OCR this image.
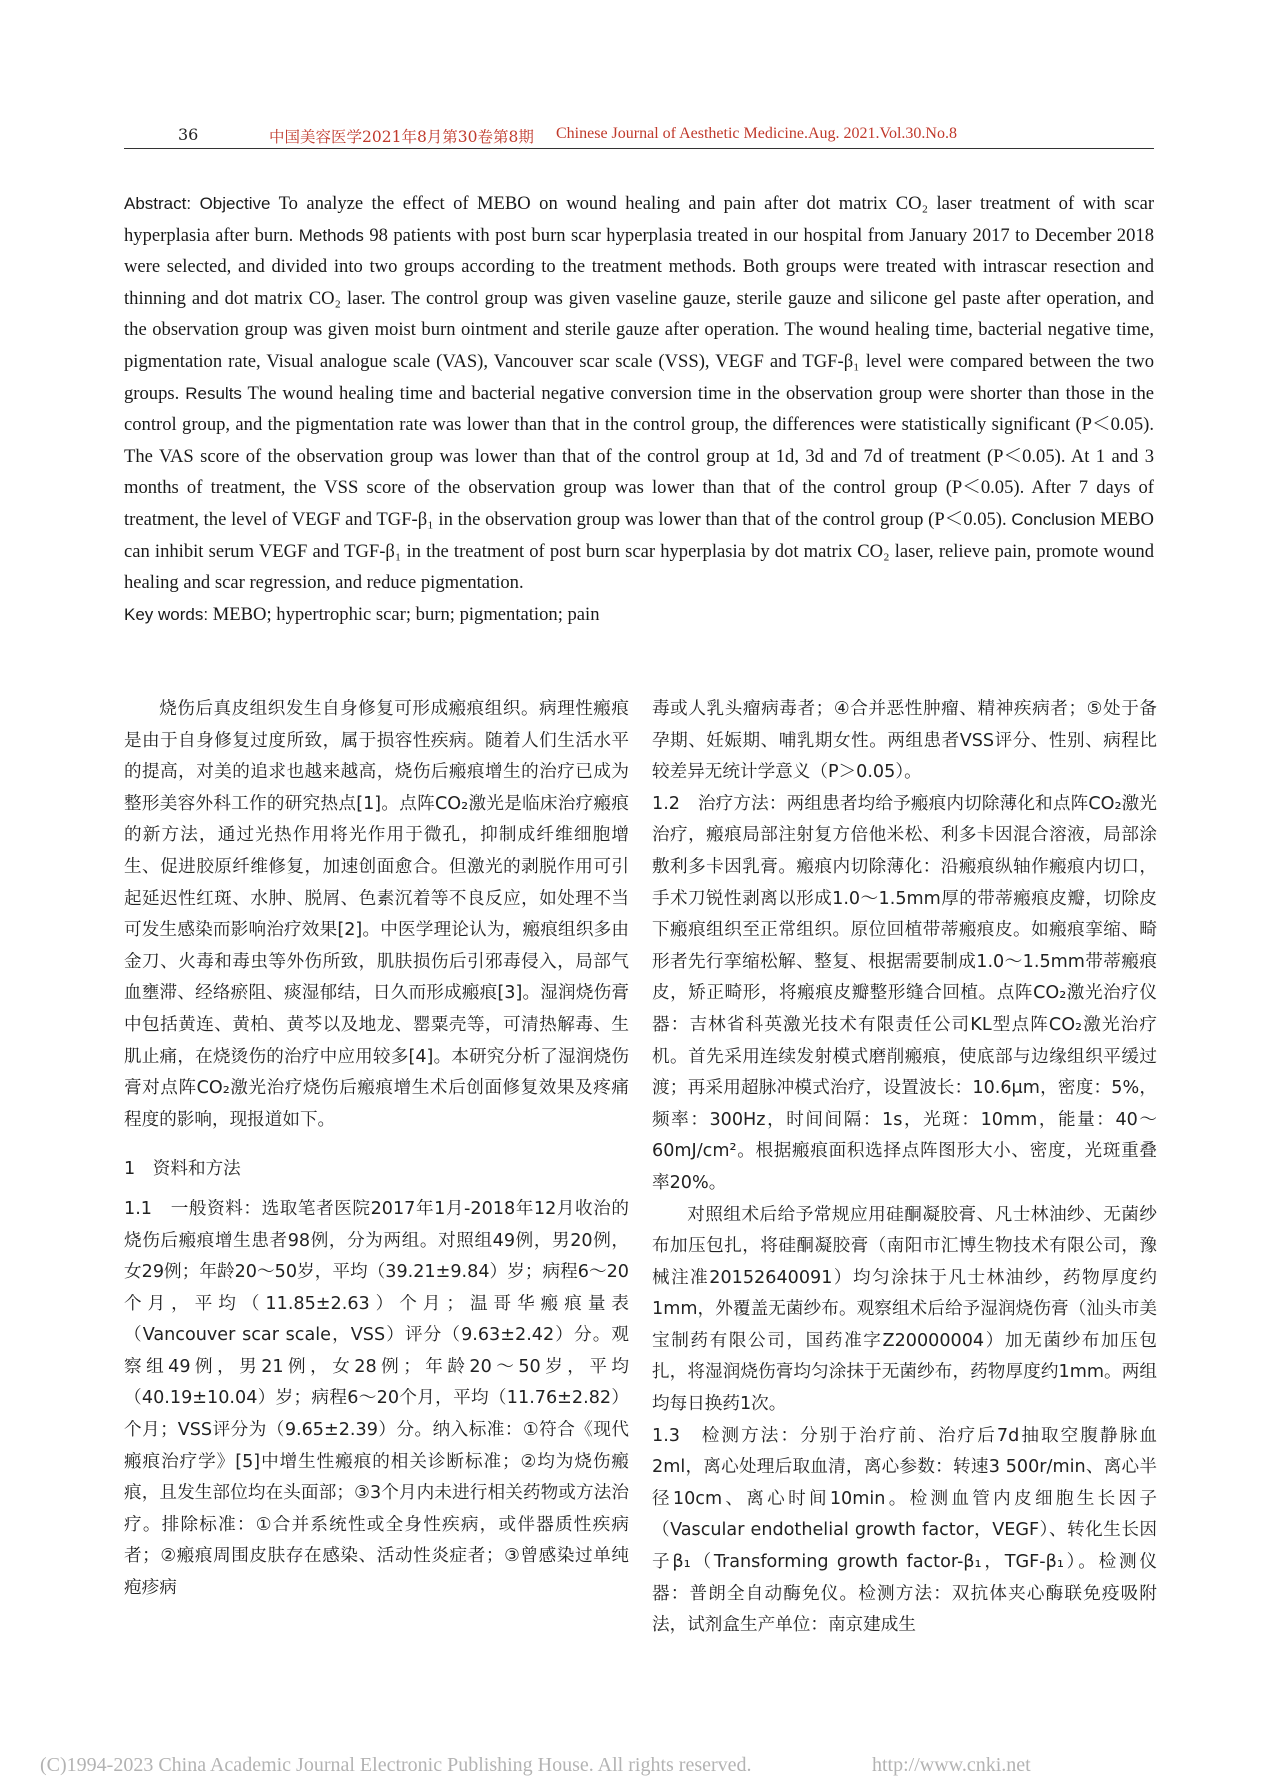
36	中国美容医学2021年8月第30卷第8期 Chinese Journal of Aesthetic Medicine.Aug. 2021.Vol.30.No.8
Abstract: Objective To analyze the effect of MEBO on wound healing and pain after dot matrix CO₂ laser treatment of with scar hyperplasia after burn. Methods 98 patients with post burn scar hyperplasia treated in our hospital from January 2017 to December 2018 were selected, and divided into two groups according to the treatment methods. Both groups were treated with intrascar resection and thinning and dot matrix CO₂ laser. The control group was given vaseline gauze, sterile gauze and silicone gel paste after operation, and the observation group was given moist burn ointment and sterile gauze after operation. The wound healing time, bacterial negative time, pigmentation rate, Visual analogue scale (VAS), Vancouver scar scale (VSS), VEGF and TGF-β₁ level were compared between the two groups. Results The wound healing time and bacterial negative conversion time in the observation group were shorter than those in the control group, and the pigmentation rate was lower than that in the control group, the differences were statistically significant (P＜0.05). The VAS score of the observation group was lower than that of the control group at 1d, 3d and 7d of treatment (P＜0.05). At 1 and 3 months of treatment, the VSS score of the observation group was lower than that of the control group (P＜0.05). After 7 days of treatment, the level of VEGF and TGF-β₁ in the observation group was lower than that of the control group (P＜0.05). Conclusion MEBO can inhibit serum VEGF and TGF-β₁ in the treatment of post burn scar hyperplasia by dot matrix CO₂ laser, relieve pain, promote wound healing and scar regression, and reduce pigmentation.
Key words: MEBO; hypertrophic scar; burn; pigmentation; pain

烧伤后真皮组织发生自身修复可形成瘢痕组织。病理性瘢痕是由于自身修复过度所致，属于损容性疾病。随着人们生活水平的提高，对美的追求也越来越高，烧伤后瘢痕增生的治疗已成为整形美容外科工作的研究热点[1]。点阵CO₂激光是临床治疗瘢痕的新方法，通过光热作用将光作用于微孔，抑制成纤维细胞增生、促进胶原纤维修复，加速创面愈合。但激光的剥脱作用可引起延迟性红斑、水肿、脱屑、色素沉着等不良反应，如处理不当可发生感染而影响治疗效果[2]。中医学理论认为，瘢痕组织多由金刀、火毒和毒虫等外伤所致，肌肤损伤后引邪毒侵入，局部气血壅滞、经络瘀阻、痰湿郁结，日久而形成瘢痕[3]。湿润烧伤膏中包括黄连、黄柏、黄芩以及地龙、罂粟壳等，可清热解毒、生肌止痛，在烧烫伤的治疗中应用较多[4]。本研究分析了湿润烧伤膏对点阵CO₂激光治疗烧伤后瘢痕增生术后创面修复效果及疼痛程度的影响，现报道如下。

1　资料和方法

1.1　一般资料：选取笔者医院2017年1月-2018年12月收治的烧伤后瘢痕增生患者98例，分为两组。对照组49例，男20例，女29例；年龄20～50岁，平均（39.21±9.84）岁；病程6～20个月，平均（11.85±2.63）个月；温哥华瘢痕量表（Vancouver scar scale，VSS）评分（9.63±2.42）分。观察组49例，男21例，女28例；年龄20～50岁，平均（40.19±10.04）岁；病程6～20个月，平均（11.76±2.82）个月；VSS评分为（9.65±2.39）分。纳入标准：①符合《现代瘢痕治疗学》[5]中增生性瘢痕的相关诊断标准；②均为烧伤瘢痕，且发生部位均在头面部；③3个月内未进行相关药物或方法治疗。排除标准：①合并系统性或全身性疾病，或伴器质性疾病者；②瘢痕周围皮肤存在感染、活动性炎症者；③曾感染过单纯疱疹病

毒或人乳头瘤病毒者；④合并恶性肿瘤、精神疾病者；⑤处于备孕期、妊娠期、哺乳期女性。两组患者VSS评分、性别、病程比较差异无统计学意义（P＞0.05）。

1.2　治疗方法：两组患者均给予瘢痕内切除薄化和点阵CO₂激光治疗，瘢痕局部注射复方倍他米松、利多卡因混合溶液，局部涂敷利多卡因乳膏。瘢痕内切除薄化：沿瘢痕纵轴作瘢痕内切口，手术刀锐性剥离以形成1.0～1.5mm厚的带蒂瘢痕皮瓣，切除皮下瘢痕组织至正常组织。原位回植带蒂瘢痕皮。如瘢痕挛缩、畸形者先行挛缩松解、整复、根据需要制成1.0～1.5mm带蒂瘢痕皮，矫正畸形，将瘢痕皮瓣整形缝合回植。点阵CO₂激光治疗仪器：吉林省科英激光技术有限责任公司KL型点阵CO₂激光治疗机。首先采用连续发射模式磨削瘢痕，使底部与边缘组织平缓过渡；再采用超脉冲模式治疗，设置波长：10.6μm，密度：5%，频率：300Hz，时间间隔：1s，光斑：10mm，能量：40～60mJ/cm²。根据瘢痕面积选择点阵图形大小、密度，光斑重叠率20%。

对照组术后给予常规应用硅酮凝胶膏、凡士林油纱、无菌纱布加压包扎，将硅酮凝胶膏（南阳市汇博生物技术有限公司，豫械注准20152640091）均匀涂抹于凡士林油纱，药物厚度约1mm，外覆盖无菌纱布。观察组术后给予湿润烧伤膏（汕头市美宝制药有限公司，国药准字Z20000004）加无菌纱布加压包扎，将湿润烧伤膏均匀涂抹于无菌纱布，药物厚度约1mm。两组均每日换药1次。

1.3　检测方法：分别于治疗前、治疗后7d抽取空腹静脉血2ml，离心处理后取血清，离心参数：转速3 500r/min、离心半径10cm、离心时间10min。检测血管内皮细胞生长因子（Vascular endothelial growth factor，VEGF）、转化生长因子β₁（Transforming growth factor-β₁，TGF-β₁）。检测仪器：普朗全自动酶免仪。检测方法：双抗体夹心酶联免疫吸附法，试剂盒生产单位：南京建成生

(C)1994-2023 China Academic Journal Electronic Publishing House. All rights reserved.	http://www.cnki.net
